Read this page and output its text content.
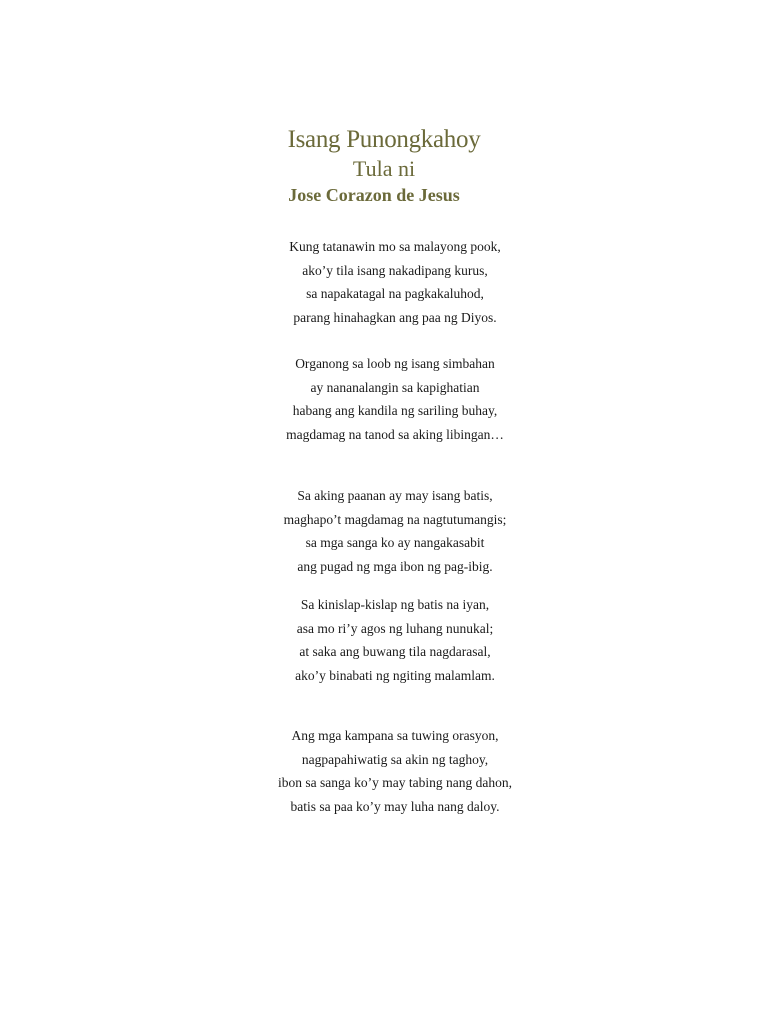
Isang Punongkahoy
Tula ni
Jose Corazon de Jesus
Kung tatanawin mo sa malayong pook,
ako’y tila isang nakadipang kurus,
sa napakatagal na pagkakaluhod,
parang hinahagkan ang paa ng Diyos.
Organong sa loob ng isang simbahan
ay nananalangin sa kapighatian
habang ang kandila ng sariling buhay,
magdamag na tanod sa aking libingan…
Sa aking paanan ay may isang batis,
maghapo’t magdamag na nagtutumangis;
sa mga sanga ko ay nangakasabit
ang pugad ng mga ibon ng pag-ibig.
Sa kinislap-kislap ng batis na iyan,
asa mo ri’y agos ng luhang nunukal;
at saka ang buwang tila nagdarasal,
ako’y binabati ng ngiting malamlam.
Ang mga kampana sa tuwing orasyon,
nagpapahiwatig sa akin ng taghoy,
ibon sa sanga ko’y may tabing nang dahon,
batis sa paa ko’y may luha nang daloy.
